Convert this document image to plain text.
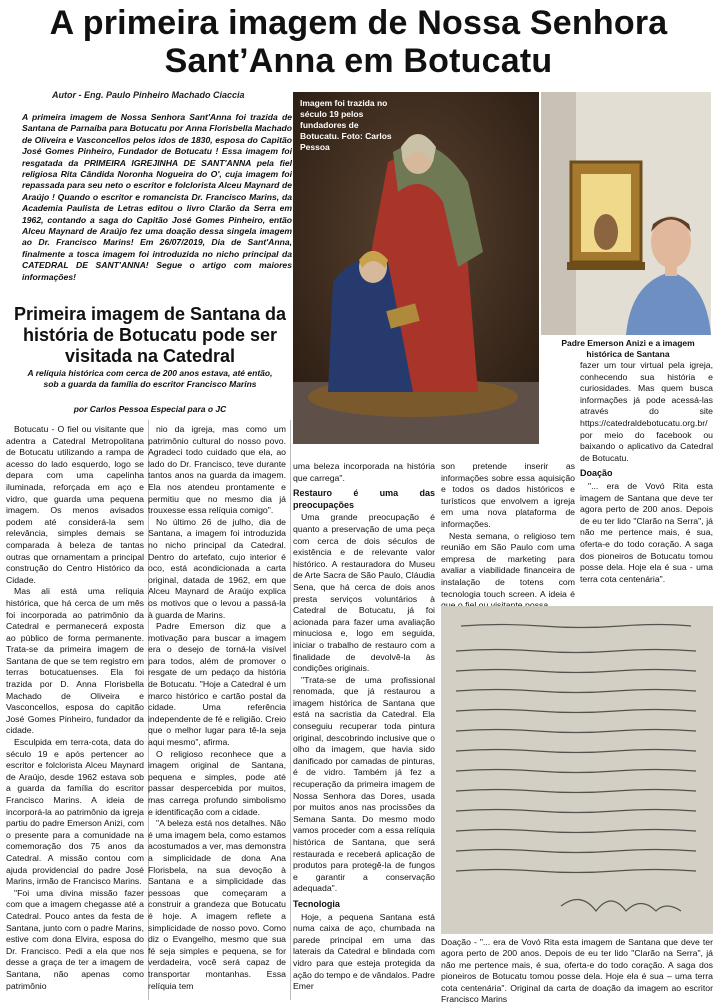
A primeira imagem de Nossa Senhora Sant’Anna em Botucatu
Autor - Eng. Paulo Pinheiro Machado Ciaccia
A primeira imagem de Nossa Senhora Sant'Anna foi trazida de Santana de Parnaíba para Botucatu por Anna Florisbella Machado de Oliveira e Vasconcellos pelos idos de 1830, esposa do Capitão José Gomes Pinheiro, Fundador de Botucatu ! Essa imagem foi resgatada da PRIMEIRA IGREJINHA DE SANT'ANNA pela fiel religiosa Rita Cândida Noronha Nogueira do O', cuja imagem foi repassada para seu neto o escritor e folclorista Alceu Maynard de Araújo ! Quando o escritor e romancista Dr. Francisco Marins, da Academia Paulista de Letras editou o livro Clarão da Serra em 1962, contando a saga do Capitão José Gomes Pinheiro, então Alceu Maynard de Araújo fez uma doação dessa singela imagem ao Dr. Francisco Marins! Em 26/07/2019, Dia de Sant'Anna, finalmente a tosca imagem foi introduzida no nicho principal da CATEDRAL DE SANT'ANNA! Segue o artigo com maiores informações!
Primeira imagem de Santana da história de Botucatu pode ser visitada na Catedral
A relíquia histórica com cerca de 200 anos estava, até então, sob a guarda da família do escritor Francisco Marins
por Carlos Pessoa Especial para o JC
Imagem foi trazida no século 19 pelos fundadores de Botucatu. Foto: Carlos Pessoa
Padre Emerson Anizi e a imagem histórica de Santana

Botucatu - O fiel ou visitante que adentra a Catedral Metropolitana de Botucatu utilizando a rampa de acesso do lado esquerdo, logo se depara com uma capelinha iluminada, reforçada em aço e vidro, que guarda uma pequena imagem. Os menos avisados podem até considerá-la sem relevância, simples demais se comparada à beleza de tantas outras que ornamentam a principal construção do Centro Histórico da Cidade.

Mas ali está uma relíquia histórica, que há cerca de um mês foi incorporada ao patrimônio da Catedral e permanecerá exposta ao público de forma permanente. Trata-se da primeira imagem de Santana de que se tem registro em terras botucatuenses. Ela foi trazida por D. Anna Florisbella Machado de Oliveira e Vasconcellos, esposa do capitão José Gomes Pinheiro, fundador da cidade.

Esculpida em terra-cota, data do século 19 e após pertencer ao escritor e folclorista Alceu Maynard de Araújo, desde 1962 estava sob a guarda da família do escritor Francisco Marins. A ideia de incorporá-la ao patrimônio da igreja partiu do padre Emerson Anizi, com o presente para a comunidade na comemoração dos 75 anos da Catedral. A missão contou com ajuda providencial do padre José Marins, irmão de Francisco Marins.

"Foi uma divina missão fazer com que a imagem chegasse até a Catedral. Pouco antes da festa de Santana, junto com o padre Marins, estive com dona Elvira, esposa do Dr. Francisco. Pedi a ela que nos desse a graça de ter a imagem de Santana, não apenas como patrimônio

nio da igreja, mas como um patrimônio cultural do nosso povo. Agradeci todo cuidado que ela, ao lado do Dr. Francisco, teve durante tantos anos na guarda da imagem. Ela nos atendeu prontamente e permitiu que no mesmo dia já trouxesse essa relíquia comigo".

No último 26 de julho, dia de Santana, a imagem foi introduzida no nicho principal da Catedral. Dentro do artefato, cujo interior é oco, está acondicionada a carta original, datada de 1962, em que Alceu Maynard de Araújo explica os motivos que o levou a passá-la à guarda de Marins.

Padre Emerson diz que a motivação para buscar a imagem era o desejo de torná-la visível para todos, além de promover o resgate de um pedaço da história de Botucatu. "Hoje a Catedral é um marco histórico e cartão postal da cidade. Uma referência independente de fé e religião. Creio que o melhor lugar para tê-la seja aqui mesmo", afirma.

O religioso reconhece que a imagem original de Santana, pequena e simples, pode até passar despercebida por muitos, mas carrega profundo simbolismo e identificação com a cidade.

"A beleza está nos detalhes. Não é uma imagem bela, como estamos acostumados a ver, mas demonstra a simplicidade de dona Ana Florisbela, na sua devoção à Santana e a simplicidade das pessoas que começaram a construir a grandeza que Botucatu é hoje. A imagem reflete a simplicidade de nosso povo. Como diz o Evangelho, mesmo que sua fé seja simples e pequena, se for verdadeira, você será capaz de transportar montanhas. Essa relíquia tem

uma beleza incorporada na história que carrega".

Restauro é uma das preocupações

Uma grande preocupação é quanto a preservação de uma peça com cerca de dois séculos de existência e de relevante valor histórico. A restauradora do Museu de Arte Sacra de São Paulo, Cláudia Sena, que há cerca de dois anos presta serviços voluntários à Catedral de Botucatu, já foi acionada para fazer uma avaliação minuciosa e, logo em seguida, iniciar o trabalho de restauro com a finalidade de devolvê-la às condições originais.

"Trata-se de uma profissional renomada, que já restaurou a imagem histórica de Santana que está na sacristia da Catedral. Ela conseguiu recuperar toda pintura original, descobrindo inclusive que o olho da imagem, que havia sido danificado por camadas de pinturas, é de vidro. Também já fez a recuperação da primeira imagem de Nossa Senhora das Dores, usada por muitos anos nas procissões da Semana Santa. Do mesmo modo vamos proceder com a essa relíquia histórica de Santana, que será restaurada e receberá aplicação de produtos para protegê-la de fungos e garantir a conservação adequada".

Tecnologia

Hoje, a pequena Santana está numa caixa de aço, chumbada na parede principal em uma das laterais da Catedral e blindada com vidro para que esteja protegida da ação do tempo e de vândalos. Padre Emer

son pretende inserir as informações sobre essa aquisição e todos os dados históricos e turísticos que envolvem a igreja em uma nova plataforma de informações.

Nesta semana, o religioso tem reunião em São Paulo com uma empresa de marketing para avaliar a viabilidade financeira de instalação de totens com tecnologia touch screen. A ideia é

fazer um tour virtual pela igreja, conhecendo sua história e curiosidades. Mas quem busca informações já pode acessá-las através do site https://catedraldebotucatu.org.br/ por meio do facebook ou baixando o aplicativo da Catedral de Botucatu.

Doação

"... era de Vovó Rita esta imagem de Santana que deve ter agora perto de 200 anos. Depois de eu ter lido "Clarão na Serra", já não me pertence mais, é sua, oferta-e do todo coração. A saga dos pioneiros de Botucatu tomou posse dela. Hoje ela é sua - uma terra cota centenária".

Doação - "... era de Vovó Rita esta imagem de Santana que deve ter agora perto de 200 anos. Depois de eu ter lido "Clarão na Serra", já não me pertence mais, é sua, oferta-e do todo coração. A saga dos pioneiros de Botucatu tomou posse dela. Hoje ela é sua – uma terra cota centenária". Original da carta de doação da imagem ao escritor Francisco Marins
